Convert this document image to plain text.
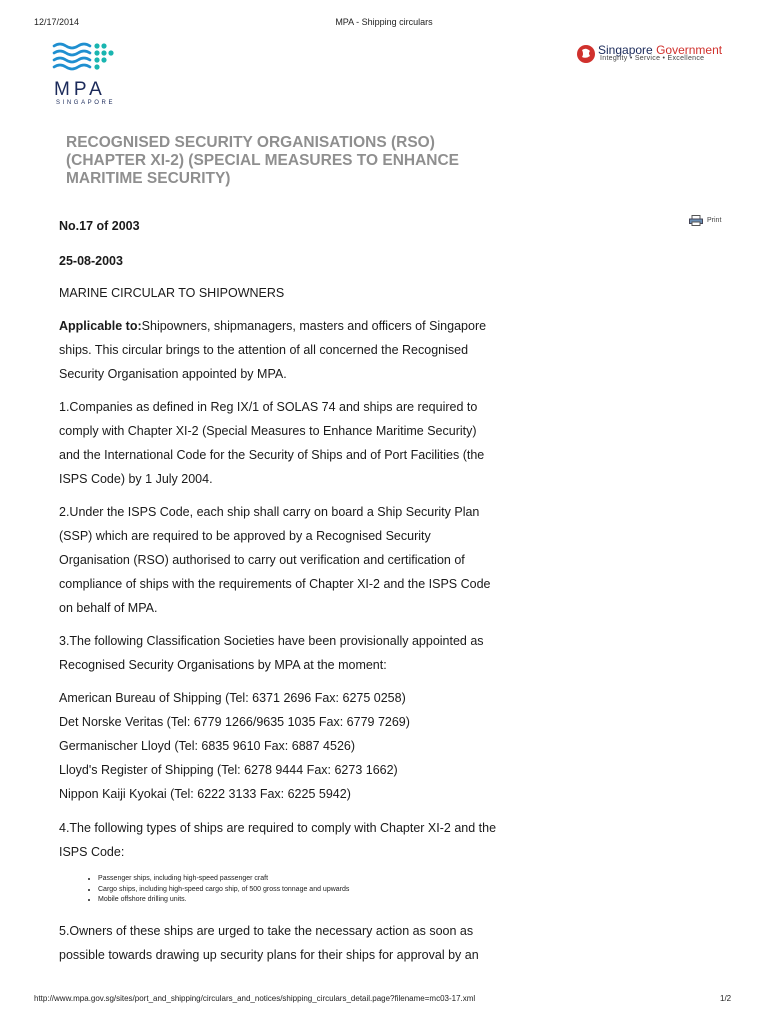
12/17/2014	MPA - Shipping circulars
MPA
SINGAPORE
Singapore Government
Integrity • Service • Excellence
RECOGNISED SECURITY ORGANISATIONS (RSO) (CHAPTER XI-2) (SPECIAL MEASURES TO ENHANCE MARITIME SECURITY)
Print
No.17 of 2003
25-08-2003
MARINE CIRCULAR TO SHIPOWNERS
Applicable to:Shipowners, shipmanagers, masters and officers of Singapore ships. This circular brings to the attention of all concerned the Recognised Security Organisation appointed by MPA.
1.Companies as defined in Reg IX/1 of SOLAS 74 and ships are required to comply with Chapter XI-2 (Special Measures to Enhance Maritime Security) and the International Code for the Security of Ships and of Port Facilities (the ISPS Code) by 1 July 2004.
2.Under the ISPS Code, each ship shall carry on board a Ship Security Plan (SSP) which are required to be approved by a Recognised Security Organisation (RSO) authorised to carry out verification and certification of compliance of ships with the requirements of Chapter XI-2 and the ISPS Code on behalf of MPA.
3.The following Classification Societies have been provisionally appointed as Recognised Security Organisations by MPA at the moment:
American Bureau of Shipping (Tel: 6371 2696 Fax: 6275 0258)
Det Norske Veritas (Tel: 6779 1266/9635 1035 Fax: 6779 7269)
Germanischer Lloyd (Tel: 6835 9610 Fax: 6887 4526)
Lloyd's Register of Shipping (Tel: 6278 9444 Fax: 6273 1662)
Nippon Kaiji Kyokai (Tel: 6222 3133 Fax: 6225 5942)
4.The following types of ships are required to comply with Chapter XI-2 and the ISPS Code:
• Passenger ships, including high-speed passenger craft
• Cargo ships, including high-speed cargo ship, of 500 gross tonnage and upwards
• Mobile offshore drilling units.
5.Owners of these ships are urged to take the necessary action as soon as possible towards drawing up security plans for their ships for approval by an
http://www.mpa.gov.sg/sites/port_and_shipping/circulars_and_notices/shipping_circulars_detail.page?filename=mc03-17.xml	1/2
